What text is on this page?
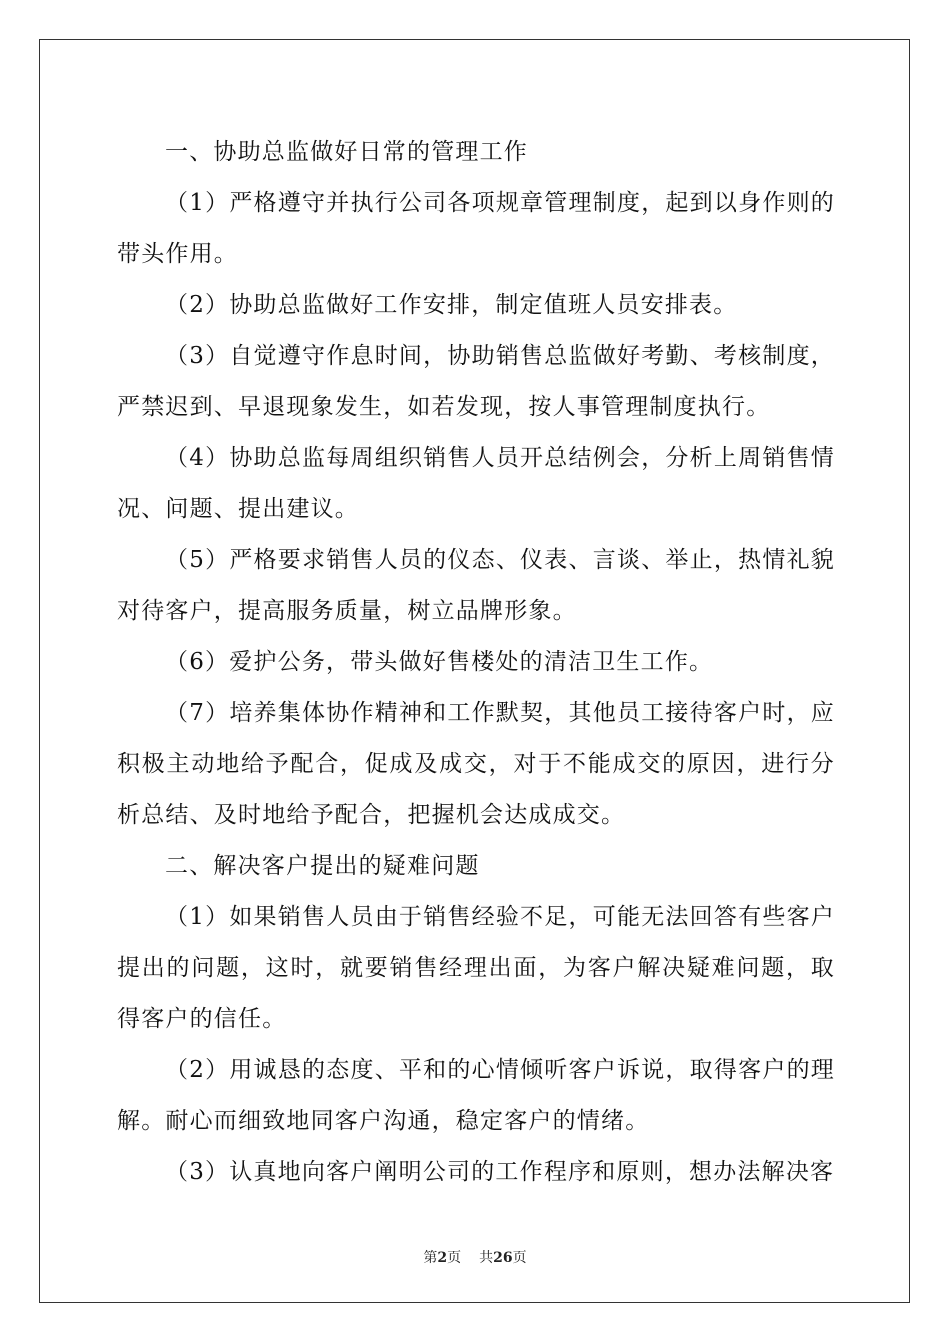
一、协助总监做好日常的管理工作

（1）严格遵守并执行公司各项规章管理制度，起到以身作则的带头作用。

（2）协助总监做好工作安排，制定值班人员安排表。

（3）自觉遵守作息时间，协助销售总监做好考勤、考核制度，严禁迟到、早退现象发生，如若发现，按人事管理制度执行。

（4）协助总监每周组织销售人员开总结例会，分析上周销售情况、问题、提出建议。

（5）严格要求销售人员的仪态、仪表、言谈、举止，热情礼貌对待客户，提高服务质量，树立品牌形象。

（6）爱护公务，带头做好售楼处的清洁卫生工作。

（7）培养集体协作精神和工作默契，其他员工接待客户时，应积极主动地给予配合，促成及成交，对于不能成交的原因，进行分析总结、及时地给予配合，把握机会达成成交。

二、解决客户提出的疑难问题

（1）如果销售人员由于销售经验不足，可能无法回答有些客户提出的问题，这时，就要销售经理出面，为客户解决疑难问题，取得客户的信任。

（2）用诚恳的态度、平和的心情倾听客户诉说，取得客户的理解。耐心而细致地同客户沟通，稳定客户的情绪。

（3）认真地向客户阐明公司的工作程序和原则，想办法解决客

第2页 共26页
